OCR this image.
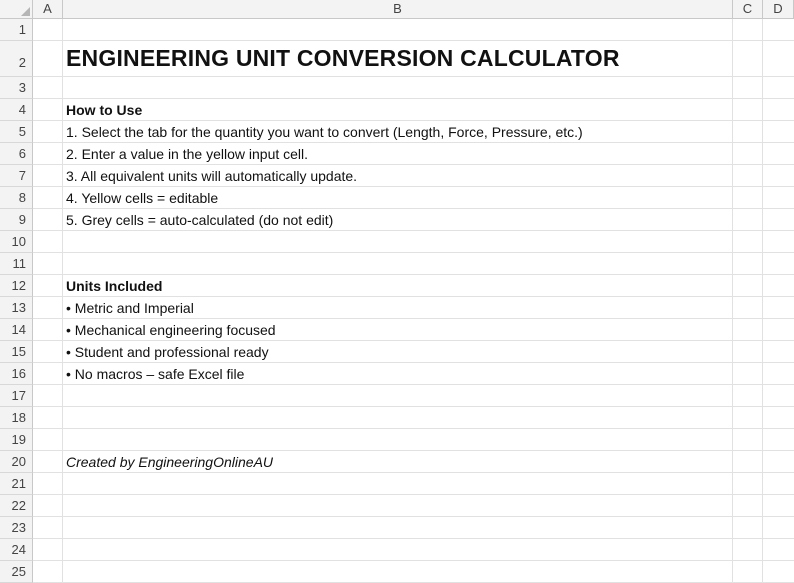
A	B	C	D
1
2
3
4
5
6
7
8
9
10
11
12
13
14
15
16
17
18
19
20
21
22
23
24
25
ENGINEERING UNIT CONVERSION CALCULATOR
How to Use
1. Select the tab for the quantity you want to convert (Length, Force, Pressure, etc.)
2. Enter a value in the yellow input cell.
3. All equivalent units will automatically update.
4. Yellow cells = editable
5. Grey cells = auto-calculated (do not edit)
Units Included
• Metric and Imperial
• Mechanical engineering focused
• Student and professional ready
• No macros – safe Excel file
Created by EngineeringOnlineAU
